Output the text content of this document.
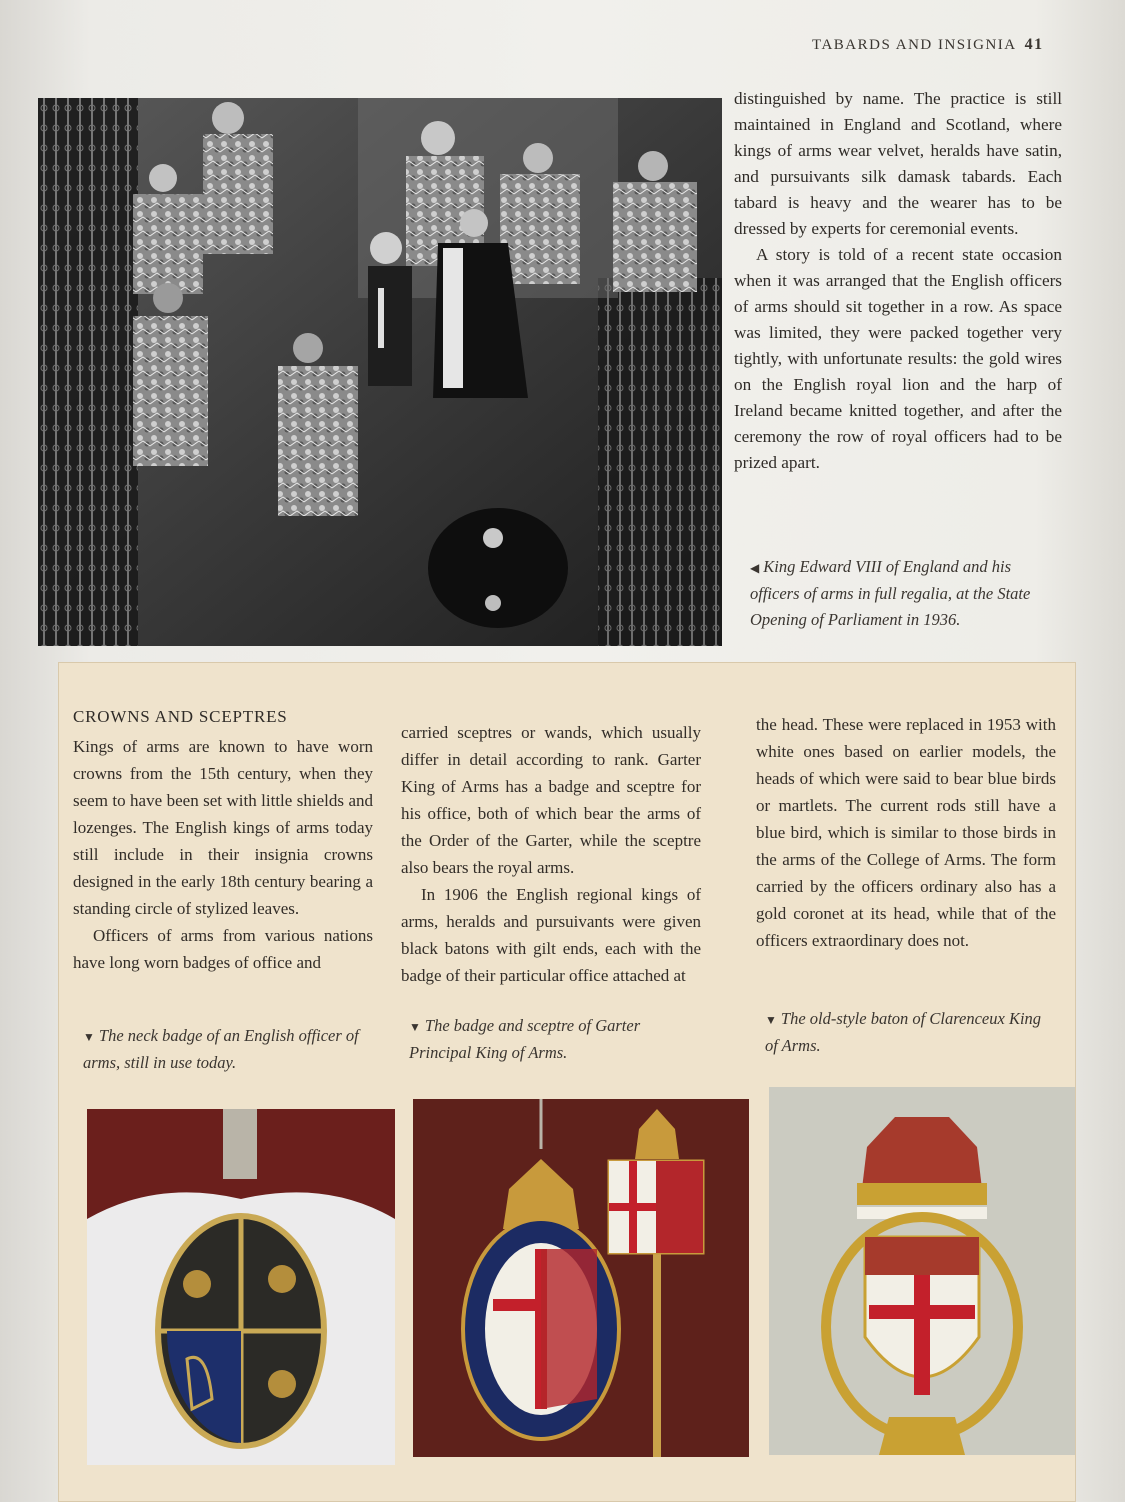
TABARDS AND INSIGNIA 41

distinguished by name. The practice is still maintained in England and Scotland, where kings of arms wear velvet, heralds have satin, and pursuivants silk damask tabards. Each tabard is heavy and the wearer has to be dressed by experts for ceremonial events.

A story is told of a recent state occasion when it was arranged that the English officers of arms should sit together in a row. As space was limited, they were packed together very tightly, with unfortunate results: the gold wires on the English royal lion and the harp of Ireland became knitted together, and after the ceremony the row of royal officers had to be prized apart.

◀ King Edward VIII of England and his officers of arms in full regalia, at the State Opening of Parliament in 1936.
CROWNS AND SCEPTRES

Kings of arms are known to have worn crowns from the 15th century, when they seem to have been set with little shields and lozenges. The English kings of arms today still include in their insignia crowns designed in the early 18th century bearing a standing circle of stylized leaves.

Officers of arms from various nations have long worn badges of office and

carried sceptres or wands, which usually differ in detail according to rank. Garter King of Arms has a badge and sceptre for his office, both of which bear the arms of the Order of the Garter, while the sceptre also bears the royal arms.

In 1906 the English regional kings of arms, heralds and pursuivants were given black batons with gilt ends, each with the badge of their particular office attached at

the head. These were replaced in 1953 with white ones based on earlier models, the heads of which were said to bear blue birds or martlets. The current rods still have a blue bird, which is similar to those birds in the arms of the College of Arms. The form carried by the officers ordinary also has a gold coronet at its head, while that of the officers extraordinary does not.

▼ The neck badge of an English officer of arms, still in use today.
▼ The badge and sceptre of Garter Principal King of Arms.
▼ The old-style baton of Clarenceux King of Arms.
